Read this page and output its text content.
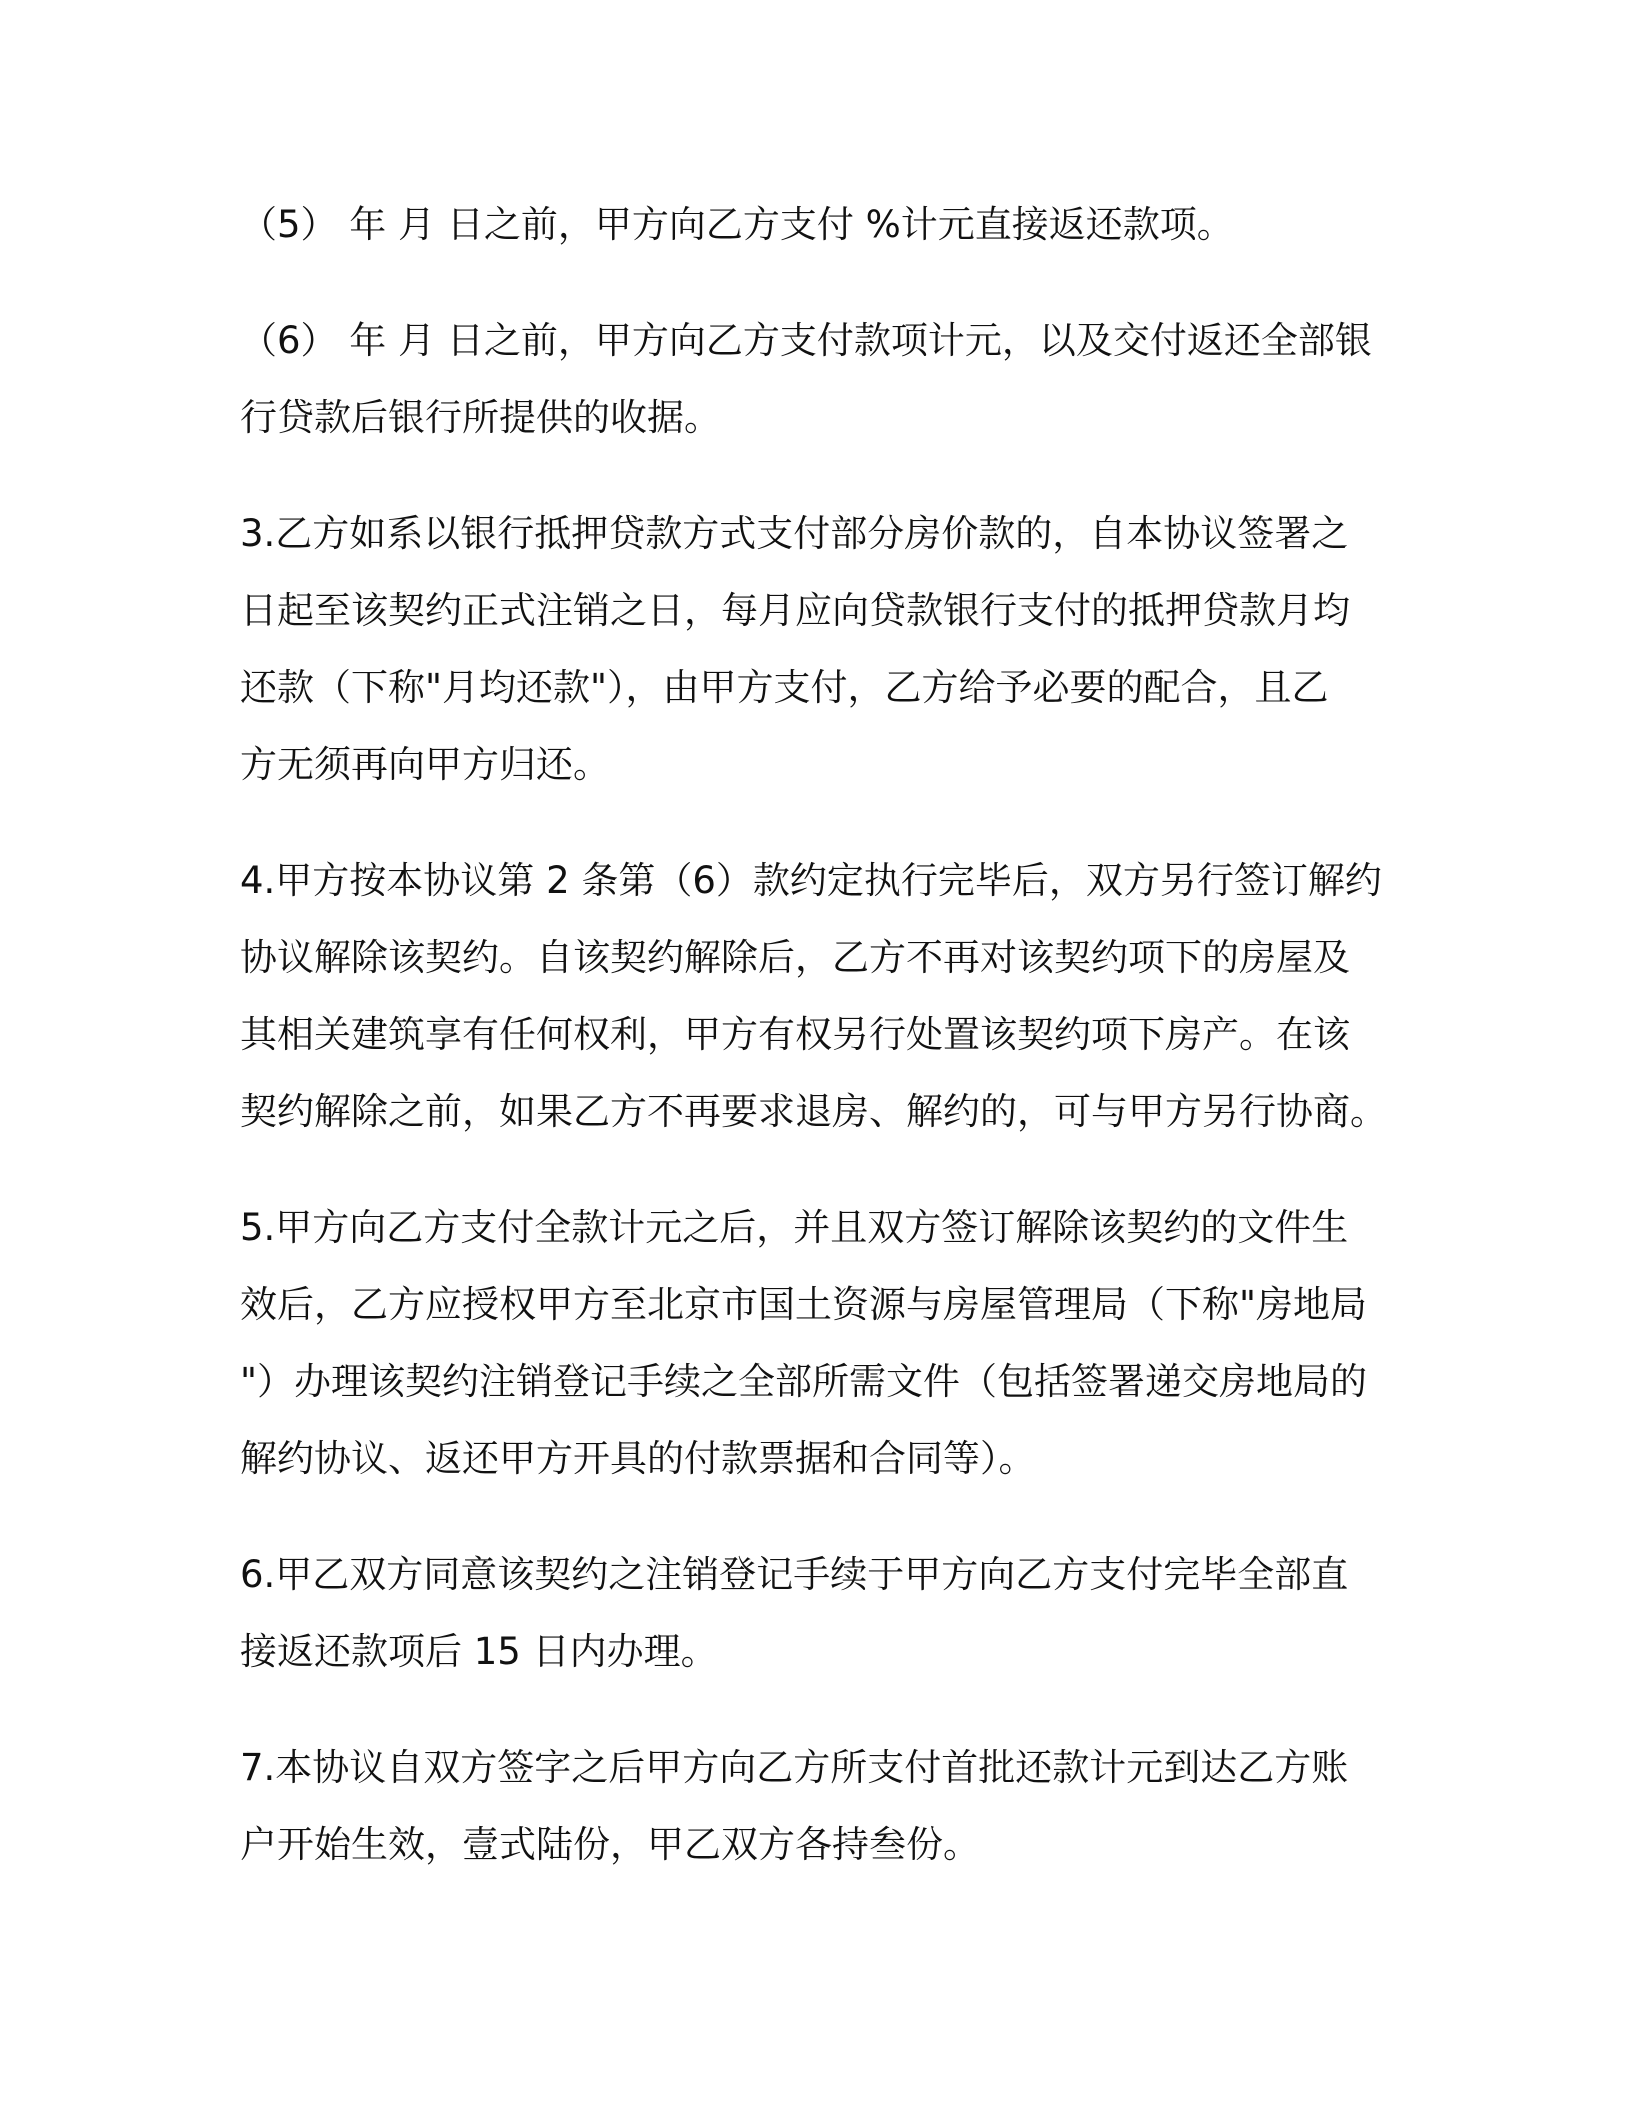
（5） 年 月 日之前，甲方向乙方支付 %计元直接返还款项。

（6） 年 月 日之前，甲方向乙方支付款项计元，以及交付返还全部银
行贷款后银行所提供的收据。

3.乙方如系以银行抵押贷款方式支付部分房价款的，自本协议签署之
日起至该契约正式注销之日，每月应向贷款银行支付的抵押贷款月均
还款（下称"月均还款"），由甲方支付，乙方给予必要的配合，且乙
方无须再向甲方归还。

4.甲方按本协议第 2 条第（6）款约定执行完毕后，双方另行签订解约
协议解除该契约。自该契约解除后，乙方不再对该契约项下的房屋及
其相关建筑享有任何权利，甲方有权另行处置该契约项下房产。在该
契约解除之前，如果乙方不再要求退房、解约的，可与甲方另行协商。

5.甲方向乙方支付全款计元之后，并且双方签订解除该契约的文件生
效后，乙方应授权甲方至北京市国土资源与房屋管理局（下称"房地局
"）办理该契约注销登记手续之全部所需文件（包括签署递交房地局的
解约协议、返还甲方开具的付款票据和合同等）。

6.甲乙双方同意该契约之注销登记手续于甲方向乙方支付完毕全部直
接返还款项后 15 日内办理。

7.本协议自双方签字之后甲方向乙方所支付首批还款计元到达乙方账
户开始生效，壹式陆份，甲乙双方各持叁份。
